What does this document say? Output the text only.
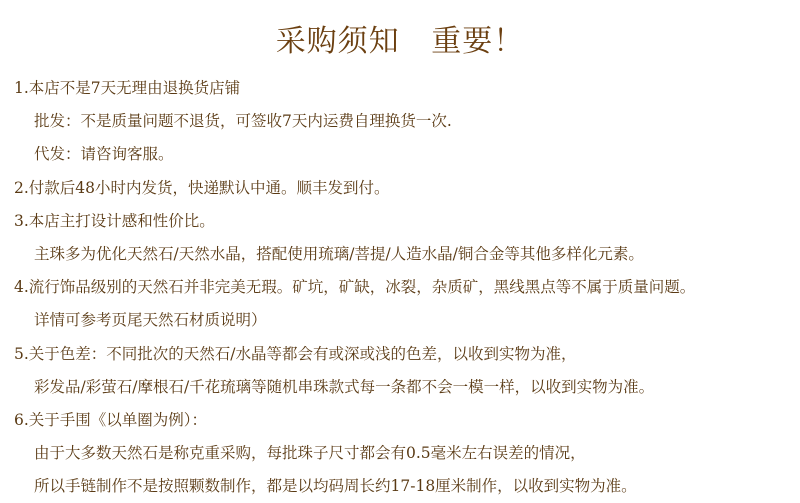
采购须知   重要！
1.本店不是7天无理由退换货店铺
批发：不是质量问题不退货，可签收7天内运费自理换货一次.
代发：请咨询客服。
2.付款后48小时内发货，快递默认中通。顺丰发到付。
3.本店主打设计感和性价比。
主珠多为优化天然石/天然水晶，搭配使用琉璃/菩提/人造水晶/铜合金等其他多样化元素。
4.流行饰品级别的天然石并非完美无瑕。矿坑，矿缺，冰裂，杂质矿，黑线黑点等不属于质量问题。
详情可参考页尾天然石材质说明）
5.关于色差：不同批次的天然石/水晶等都会有或深或浅的色差，以收到实物为准，
彩发品/彩萤石/摩根石/千花琉璃等随机串珠款式每一条都不会一模一样，以收到实物为准。
6.关于手围《以单圈为例）：
由于大多数天然石是称克重采购，每批珠子尺寸都会有0.5毫米左右误差的情况，
所以手链制作不是按照颗数制作，都是以均码周长约17-18厘米制作，以收到实物为准。
